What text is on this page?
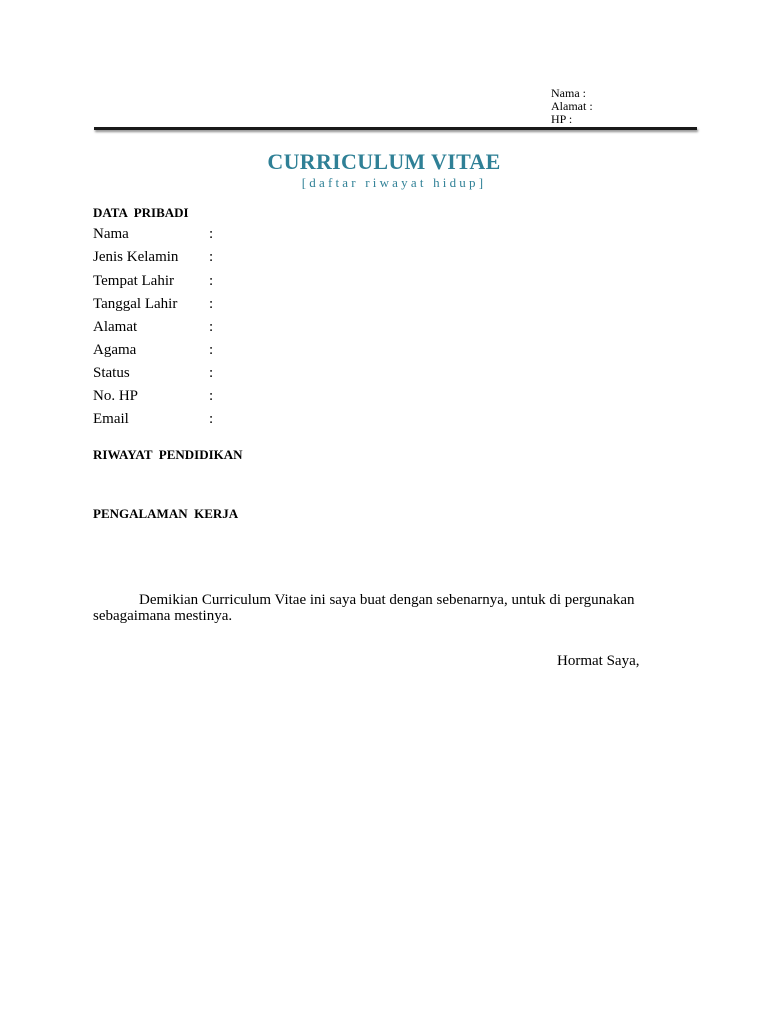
Nama :
Alamat :
HP :
CURRICULUM VITAE
[daftar riwayat hidup]
DATA  PRIBADI
Nama	:
Jenis Kelamin :
Tempat Lahir :
Tanggal Lahir :
Alamat	:
Agama	:
Status	:
No. HP	:
Email	:
RIWAYAT  PENDIDIKAN
PENGALAMAN  KERJA
Demikian Curriculum Vitae ini saya buat dengan sebenarnya, untuk di pergunakan sebagaimana mestinya.
Hormat Saya,
